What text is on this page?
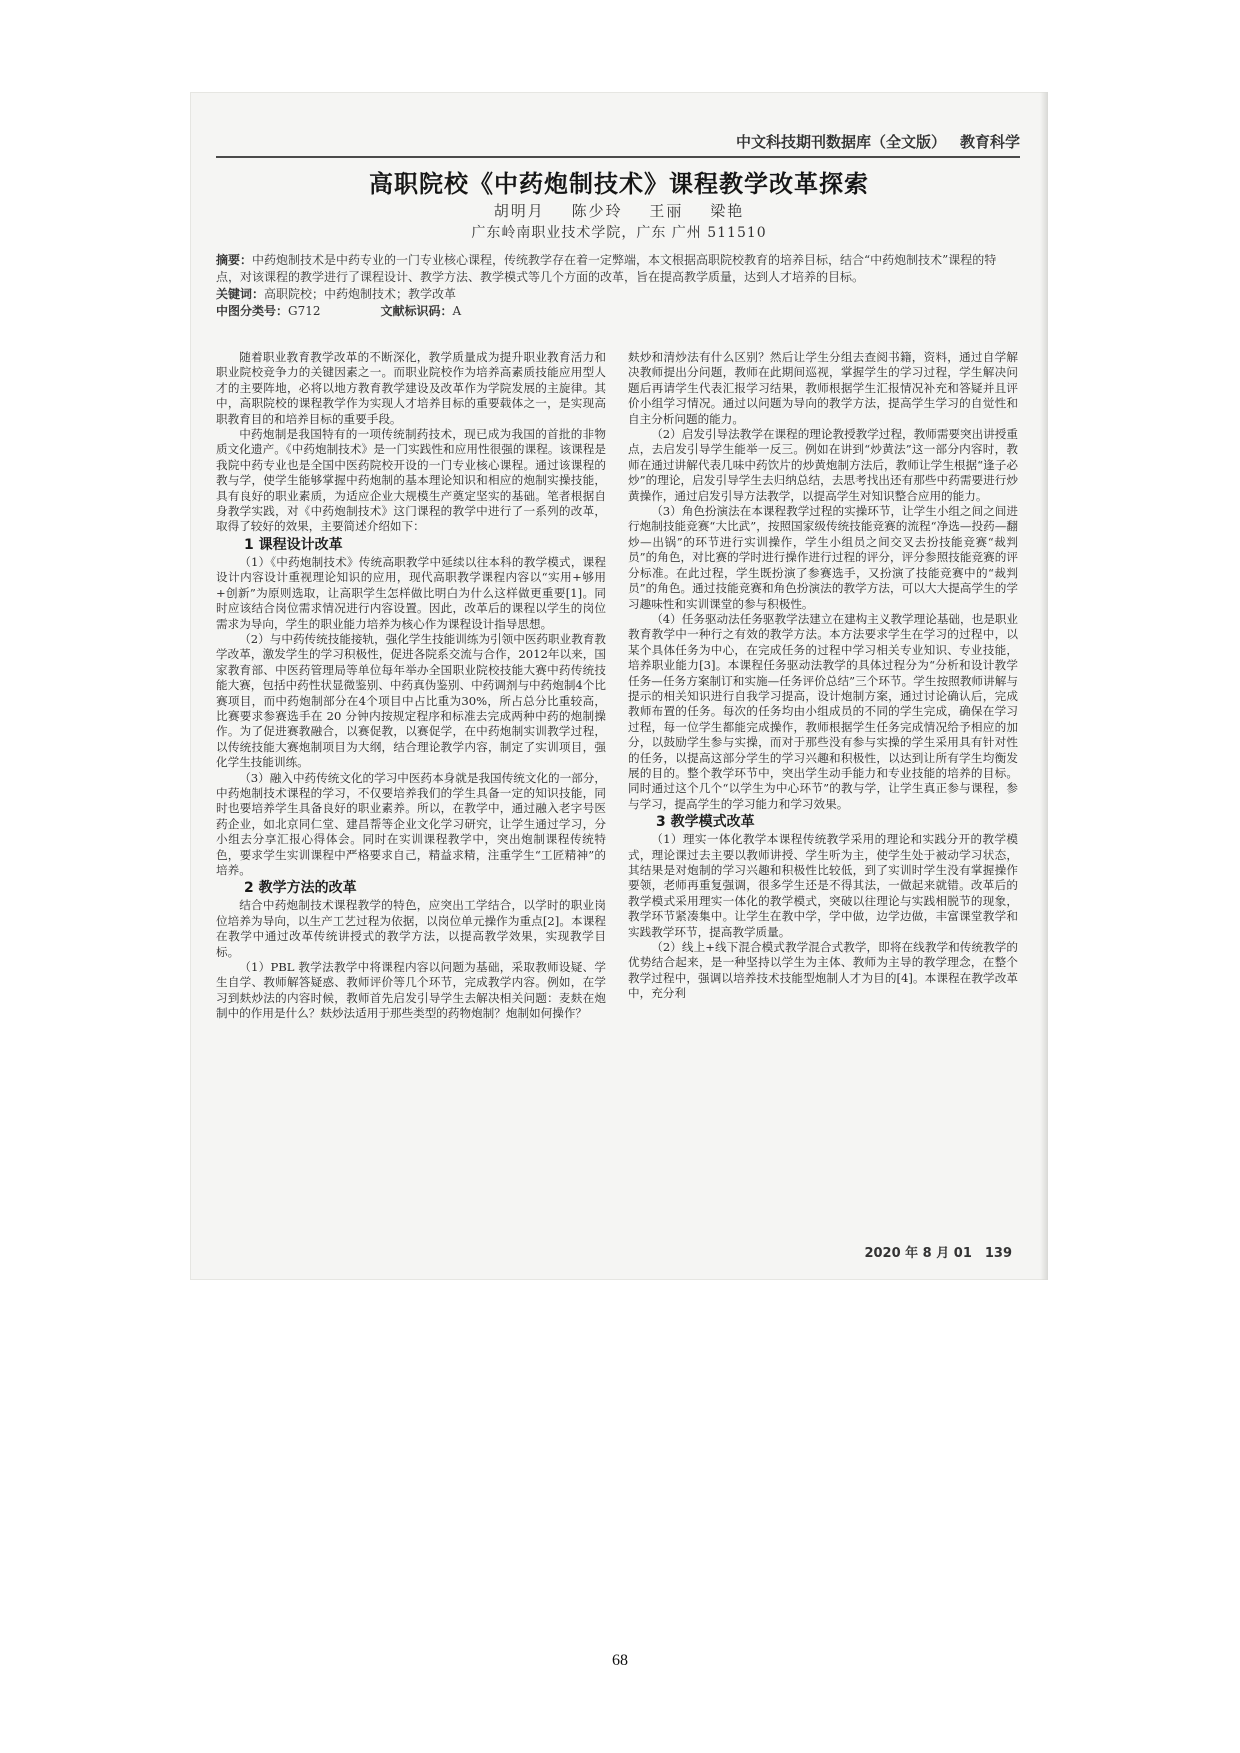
中文科技期刊数据库（全文版） 教育科学
高职院校《中药炮制技术》课程教学改革探索
胡明月 陈少玲 王丽 梁艳
广东岭南职业技术学院，广东 广州 511510
摘要：中药炮制技术是中药专业的一门专业核心课程，传统教学存在着一定弊端，本文根据高职院校教育的培养目标，结合“中药炮制技术”课程的特点，对该课程的教学进行了课程设计、教学方法、教学模式等几个方面的改革，旨在提高教学质量，达到人才培养的目标。
关键词：高职院校；中药炮制技术；教学改革
中图分类号：G712	文献标识码：A

随着职业教育教学改革的不断深化，教学质量成为提升职业教育活力和职业院校竞争力的关键因素之一。而职业院校作为培养高素质技能应用型人才的主要阵地，必将以地方教育教学建设及改革作为学院发展的主旋律。其中，高职院校的课程教学作为实现人才培养目标的重要载体之一，是实现高职教育目的和培养目标的重要手段。

中药炮制是我国特有的一项传统制药技术，现已成为我国的首批的非物质文化遗产。《中药炮制技术》是一门实践性和应用性很强的课程。该课程是我院中药专业也是全国中医药院校开设的一门专业核心课程。通过该课程的教与学，使学生能够掌握中药炮制的基本理论知识和相应的炮制实操技能，具有良好的职业素质，为适应企业大规模生产奠定坚实的基础。笔者根据自身教学实践，对《中药炮制技术》这门课程的教学中进行了一系列的改革，取得了较好的效果，主要简述介绍如下：

1 课程设计改革

（1）《中药炮制技术》传统高职教学中延续以往本科的教学模式，课程设计内容设计重视理论知识的应用，现代高职教学课程内容以“实用+够用+创新”为原则选取，让高职学生怎样做比明白为什么这样做更重要[1]。同时应该结合岗位需求情况进行内容设置。因此，改革后的课程以学生的岗位需求为导向，学生的职业能力培养为核心作为课程设计指导思想。

（2）与中药传统技能接轨，强化学生技能训练为引领中医药职业教育教学改革，激发学生的学习积极性，促进各院系交流与合作，2012年以来，国家教育部、中医药管理局等单位每年举办全国职业院校技能大赛中药传统技能大赛，包括中药性状显微鉴别、中药真伪鉴别、中药调剂与中药炮制4个比赛项目，而中药炮制部分在4个项目中占比重为30%，所占总分比重较高，比赛要求参赛选手在 20 分钟内按规定程序和标准去完成两种中药的炮制操作。为了促进赛教融合，以赛促教，以赛促学，在中药炮制实训教学过程，以传统技能大赛炮制项目为大纲，结合理论教学内容，制定了实训项目，强化学生技能训练。

（3）融入中药传统文化的学习中医药本身就是我国传统文化的一部分，中药炮制技术课程的学习，不仅要培养我们的学生具备一定的知识技能，同时也要培养学生具备良好的职业素养。所以，在教学中，通过融入老字号医药企业，如北京同仁堂、建昌帮等企业文化学习研究，让学生通过学习，分小组去分享汇报心得体会。同时在实训课程教学中，突出炮制课程传统特色，要求学生实训课程中严格要求自己，精益求精，注重学生“工匠精神”的培养。

2 教学方法的改革

结合中药炮制技术课程教学的特色，应突出工学结合，以学时的职业岗位培养为导向，以生产工艺过程为依据，以岗位单元操作为重点[2]。本课程在教学中通过改革传统讲授式的教学方法，以提高教学效果，实现教学目标。

（1）PBL 教学法教学中将课程内容以问题为基础，采取教师设疑、学生自学、教师解答疑惑、教师评价等几个环节，完成教学内容。例如，在学习到麸炒法的内容时候，教师首先启发引导学生去解决相关问题：麦麸在炮制中的作用是什么？麸炒法适用于那些类型的药物炮制？炮制如何操作？

麸炒和清炒法有什么区别？然后让学生分组去查阅书籍，资料，通过自学解决教师提出分问题，教师在此期间巡视，掌握学生的学习过程，学生解决问题后再请学生代表汇报学习结果，教师根据学生汇报情况补充和答疑并且评价小组学习情况。通过以问题为导向的教学方法，提高学生学习的自觉性和自主分析问题的能力。

（2）启发引导法教学在课程的理论教授教学过程，教师需要突出讲授重点，去启发引导学生能举一反三。例如在讲到“炒黄法”这一部分内容时，教师在通过讲解代表几味中药饮片的炒黄炮制方法后，教师让学生根据“逢子必炒”的理论，启发引导学生去归纳总结，去思考找出还有那些中药需要进行炒黄操作，通过启发引导方法教学，以提高学生对知识整合应用的能力。

（3）角色扮演法在本课程教学过程的实操环节，让学生小组之间之间进行炮制技能竞赛“大比武”，按照国家级传统技能竞赛的流程“净选—投药—翻炒—出锅”的环节进行实训操作，学生小组员之间交叉去扮技能竞赛“裁判员”的角色，对比赛的学时进行操作进行过程的评分，评分参照技能竞赛的评分标准。在此过程，学生既扮演了参赛选手，又扮演了技能竞赛中的“裁判员”的角色。通过技能竞赛和角色扮演法的教学方法，可以大大提高学生的学习趣味性和实训课堂的参与积极性。

（4）任务驱动法任务驱教学法建立在建构主义教学理论基础，也是职业教育教学中一种行之有效的教学方法。本方法要求学生在学习的过程中，以某个具体任务为中心，在完成任务的过程中学习相关专业知识、专业技能，培养职业能力[3]。本课程任务驱动法教学的具体过程分为“分析和设计教学任务—任务方案制订和实施—任务评价总结”三个环节。学生按照教师讲解与提示的相关知识进行自我学习提高，设计炮制方案，通过讨论确认后，完成教师布置的任务。每次的任务均由小组成员的不同的学生完成，确保在学习过程，每一位学生都能完成操作，教师根据学生任务完成情况给予相应的加分，以鼓励学生参与实操，而对于那些没有参与实操的学生采用具有针对性的任务，以提高这部分学生的学习兴趣和积极性，以达到让所有学生均衡发展的目的。整个教学环节中，突出学生动手能力和专业技能的培养的目标。同时通过这个几个“以学生为中心环节”的教与学，让学生真正参与课程，参与学习，提高学生的学习能力和学习效果。

3 教学模式改革

（1）理实一体化教学本课程传统教学采用的理论和实践分开的教学模式，理论课过去主要以教师讲授、学生听为主，使学生处于被动学习状态，其结果是对炮制的学习兴趣和积极性比较低，到了实训时学生没有掌握操作要领，老师再重复强调，很多学生还是不得其法，一做起来就错。改革后的教学模式采用理实一体化的教学模式，突破以往理论与实践相脱节的现象，教学环节紧凑集中。让学生在教中学，学中做，边学边做，丰富课堂教学和实践教学环节，提高教学质量。

（2）线上+线下混合模式教学混合式教学，即将在线教学和传统教学的优势结合起来，是一种坚持以学生为主体、教师为主导的教学理念，在整个教学过程中，强调以培养技术技能型炮制人才为目的[4]。本课程在教学改革中，充分利

2020 年 8 月 01　139
68
